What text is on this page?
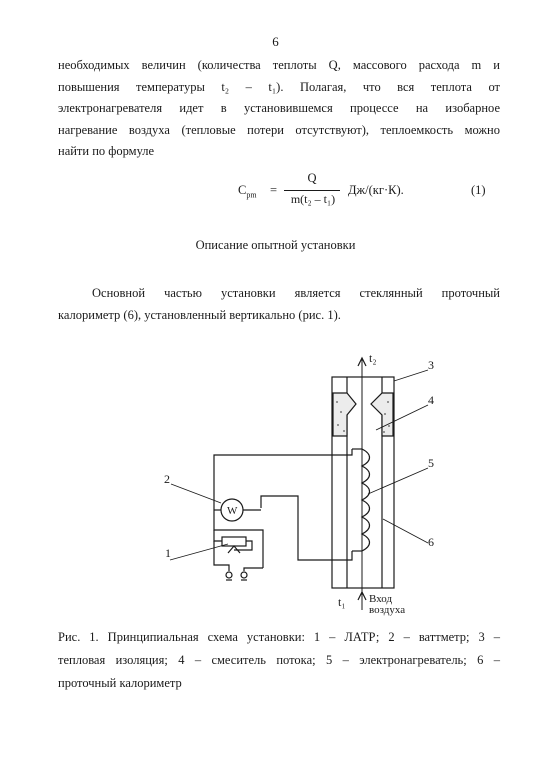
6
необходимых величин (количества теплоты Q, массового расхода m и
повышения температуры t₂ – t₁). Полагая, что вся теплота от
электронагревателя идет в установившемся процессе на изобарное
нагревание воздуха (тепловые потери отсутствуют), теплоемкость можно
найти по формуле
$C_{pm}$ =
Q
m(t₂ – t₁)
Дж/(кг·К).	(1)
Описание опытной установки
Основной частью установки является стеклянный проточный
калориметр (6), установленный вертикально (рис. 1).
t₂
t₁ Вход
воздуха
W
1
2
3
4
5
6
Рис. 1. Принципиальная схема установки: 1 – ЛАТР; 2 – ваттметр; 3 –
тепловая изоляция; 4 – смеситель потока; 5 – электронагреватель; 6 –
проточный калориметр
